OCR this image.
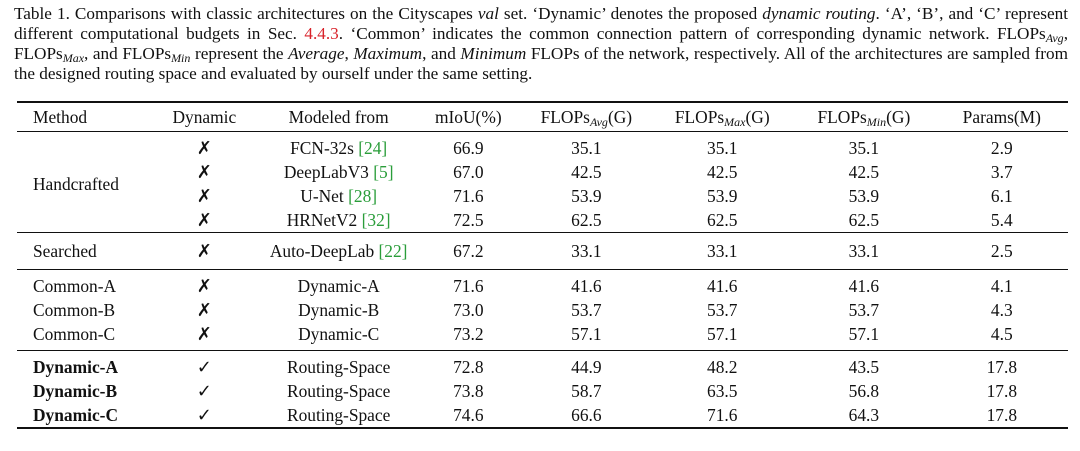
Table 1. Comparisons with classic architectures on the Cityscapes val set. ‘Dynamic’ denotes the proposed dynamic routing. ‘A’, ‘B’, and ‘C’ represent different computational budgets in Sec. 4.4.3. ‘Common’ indicates the common connection pattern of corresponding dynamic network. FLOPs$_{Avg}$, FLOPs$_{Max}$, and FLOPs$_{Min}$ represent the Average, Maximum, and Minimum FLOPs of the network, respectively. All of the architectures are sampled from the designed routing space and evaluated by ourself under the same setting.
Method	Dynamic	Modeled from	mIoU(%)	FLOPs$_{Avg}$(G)	FLOPs$_{Max}$(G)	FLOPs$_{Min}$(G)	Params(M)
Handcrafted	✗	FCN-32s [24]	66.9	35.1	35.1	35.1	2.9
	✗	DeepLabV3 [5]	67.0	42.5	42.5	42.5	3.7
	✗	U-Net [28]	71.6	53.9	53.9	53.9	6.1
	✗	HRNetV2 [32]	72.5	62.5	62.5	62.5	5.4
Searched	✗	Auto-DeepLab [22]	67.2	33.1	33.1	33.1	2.5
Common-A	✗	Dynamic-A	71.6	41.6	41.6	41.6	4.1
Common-B	✗	Dynamic-B	73.0	53.7	53.7	53.7	4.3
Common-C	✗	Dynamic-C	73.2	57.1	57.1	57.1	4.5

Dynamic-A	✓	Routing-Space	72.8	44.9	48.2	43.5	17.8
Dynamic-B	✓	Routing-Space	73.8	58.7	63.5	56.8	17.8
Dynamic-C	✓	Routing-Space	74.6	66.6	71.6	64.3	17.8
